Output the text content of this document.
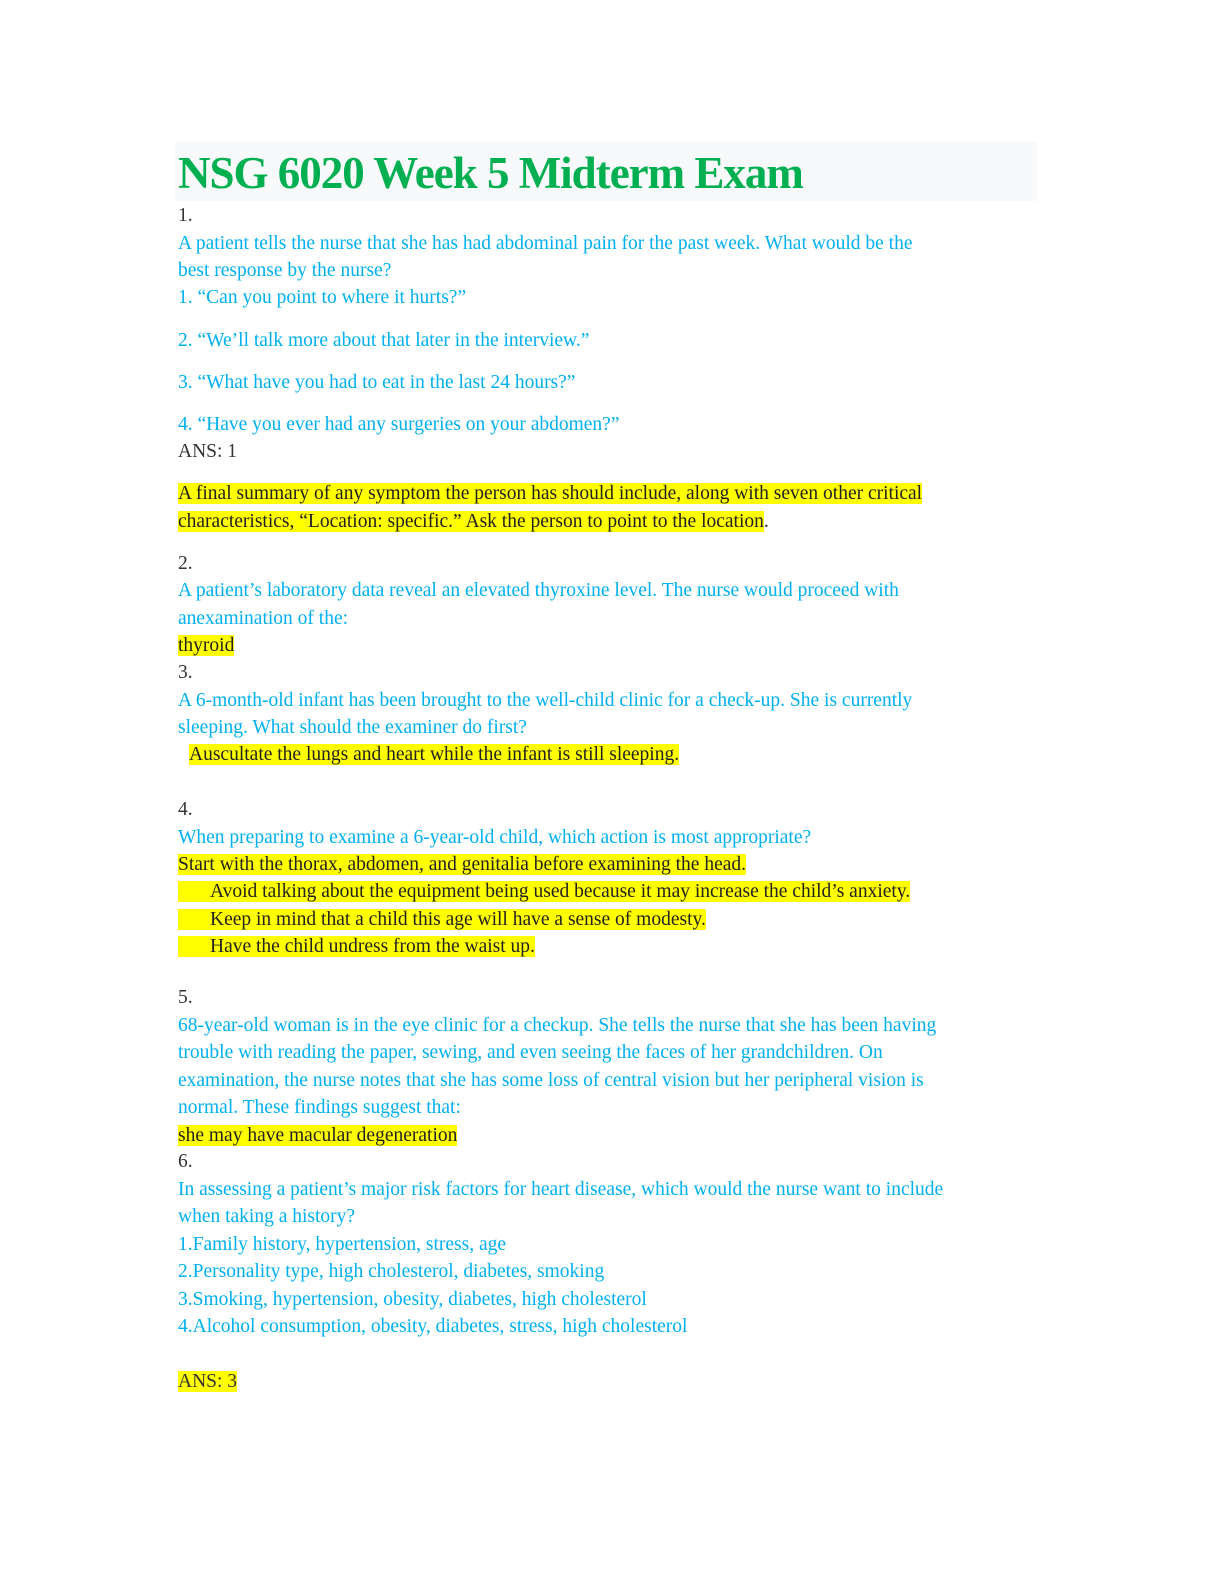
NSG 6020 Week 5 Midterm Exam
1.
A patient tells the nurse that she has had abdominal pain for the past week. What would be the
best response by the nurse?
1. “Can you point to where it hurts?”
2. “We’ll talk more about that later in the interview.”
3. “What have you had to eat in the last 24 hours?”
4. “Have you ever had any surgeries on your abdomen?”
ANS: 1
A final summary of any symptom the person has should include, along with seven other critical
characteristics, “Location: specific.” Ask the person to point to the location.
2.
A patient’s laboratory data reveal an elevated thyroxine level. The nurse would proceed with
anexamination of the:
thyroid
3.
A 6-month-old infant has been brought to the well-child clinic for a check-up. She is currently
sleeping. What should the examiner do first?
Auscultate the lungs and heart while the infant is still sleeping.
4.
When preparing to examine a 6-year-old child, which action is most appropriate?
Start with the thorax, abdomen, and genitalia before examining the head.
Avoid talking about the equipment being used because it may increase the child’s anxiety.
Keep in mind that a child this age will have a sense of modesty.
Have the child undress from the waist up.
5.
68-year-old woman is in the eye clinic for a checkup. She tells the nurse that she has been having
trouble with reading the paper, sewing, and even seeing the faces of her grandchildren. On
examination, the nurse notes that she has some loss of central vision but her peripheral vision is
normal. These findings suggest that:
she may have macular degeneration
6.
In assessing a patient’s major risk factors for heart disease, which would the nurse want to include
when taking a history?
1.Family history, hypertension, stress, age
2.Personality type, high cholesterol, diabetes, smoking
3.Smoking, hypertension, obesity, diabetes, high cholesterol
4.Alcohol consumption, obesity, diabetes, stress, high cholesterol
ANS: 3
